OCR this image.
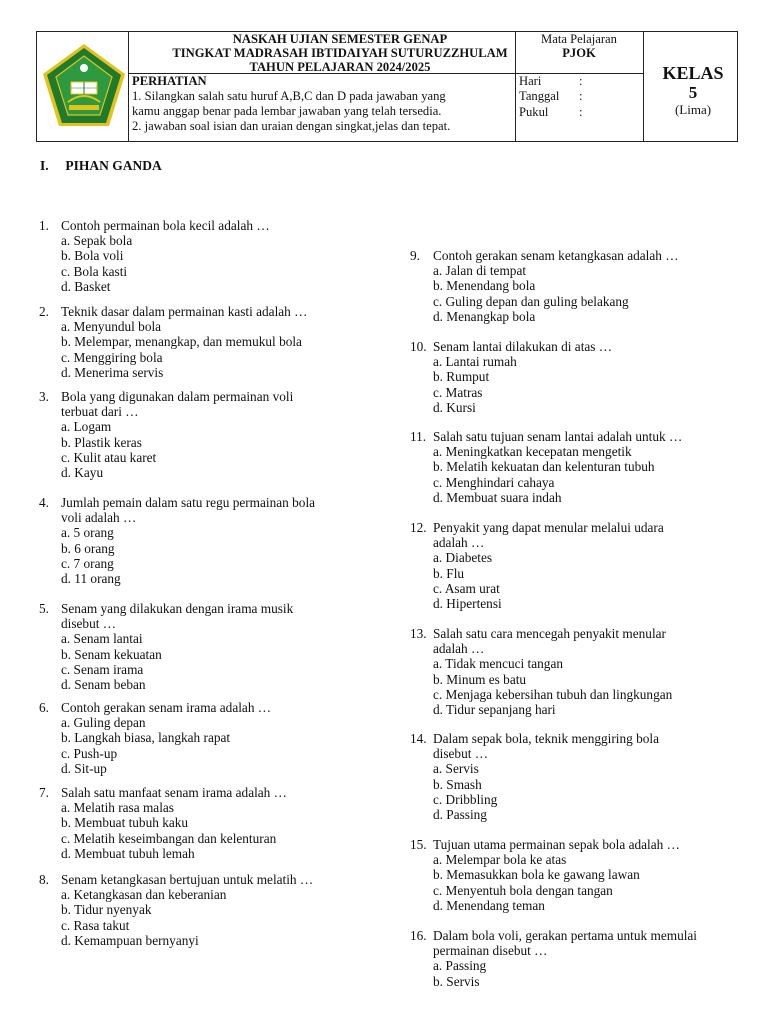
NASKAH UJIAN SEMESTER GENAP
TINGKAT MADRASAH IBTIDAIYAH SUTURUZZHULAM
TAHUN PELAJARAN 2024/2025
PERHATIAN
1. Silangkan salah satu huruf A,B,C dan D pada jawaban yang
kamu anggap benar pada lembar jawaban yang telah tersedia.
2. jawaban soal isian dan uraian dengan singkat,jelas dan tepat.
Mata Pelajaran
PJOK
Hari	:
Tanggal	:
Pukul	:
KELAS
5
(Lima)
I. PIHAN GANDA
1. Contoh permainan bola kecil adalah …
a. Sepak bola
b. Bola voli
c. Bola kasti
d. Basket
2. Teknik dasar dalam permainan kasti adalah …
a. Menyundul bola
b. Melempar, menangkap, dan memukul bola
c. Menggiring bola
d. Menerima servis
3. Bola yang digunakan dalam permainan voli
terbuat dari …
a. Logam
b. Plastik keras
c. Kulit atau karet
d. Kayu
4. Jumlah pemain dalam satu regu permainan bola
voli adalah …
a. 5 orang
b. 6 orang
c. 7 orang
d. 11 orang
5. Senam yang dilakukan dengan irama musik
disebut …
a. Senam lantai
b. Senam kekuatan
c. Senam irama
d. Senam beban
6. Contoh gerakan senam irama adalah …
a. Guling depan
b. Langkah biasa, langkah rapat
c. Push-up
d. Sit-up
7. Salah satu manfaat senam irama adalah …
a. Melatih rasa malas
b. Membuat tubuh kaku
c. Melatih keseimbangan dan kelenturan
d. Membuat tubuh lemah
8. Senam ketangkasan bertujuan untuk melatih …
a. Ketangkasan dan keberanian
b. Tidur nyenyak
c. Rasa takut
d. Kemampuan bernyanyi
9. Contoh gerakan senam ketangkasan adalah …
a. Jalan di tempat
b. Menendang bola
c. Guling depan dan guling belakang
d. Menangkap bola
10. Senam lantai dilakukan di atas …
a. Lantai rumah
b. Rumput
c. Matras
d. Kursi
11. Salah satu tujuan senam lantai adalah untuk …
a. Meningkatkan kecepatan mengetik
b. Melatih kekuatan dan kelenturan tubuh
c. Menghindari cahaya
d. Membuat suara indah
12. Penyakit yang dapat menular melalui udara
adalah …
a. Diabetes
b. Flu
c. Asam urat
d. Hipertensi
13. Salah satu cara mencegah penyakit menular
adalah …
a. Tidak mencuci tangan
b. Minum es batu
c. Menjaga kebersihan tubuh dan lingkungan
d. Tidur sepanjang hari
14. Dalam sepak bola, teknik menggiring bola
disebut …
a. Servis
b. Smash
c. Dribbling
d. Passing
15. Tujuan utama permainan sepak bola adalah …
a. Melempar bola ke atas
b. Memasukkan bola ke gawang lawan
c. Menyentuh bola dengan tangan
d. Menendang teman
16. Dalam bola voli, gerakan pertama untuk memulai
permainan disebut …
a. Passing
b. Servis
